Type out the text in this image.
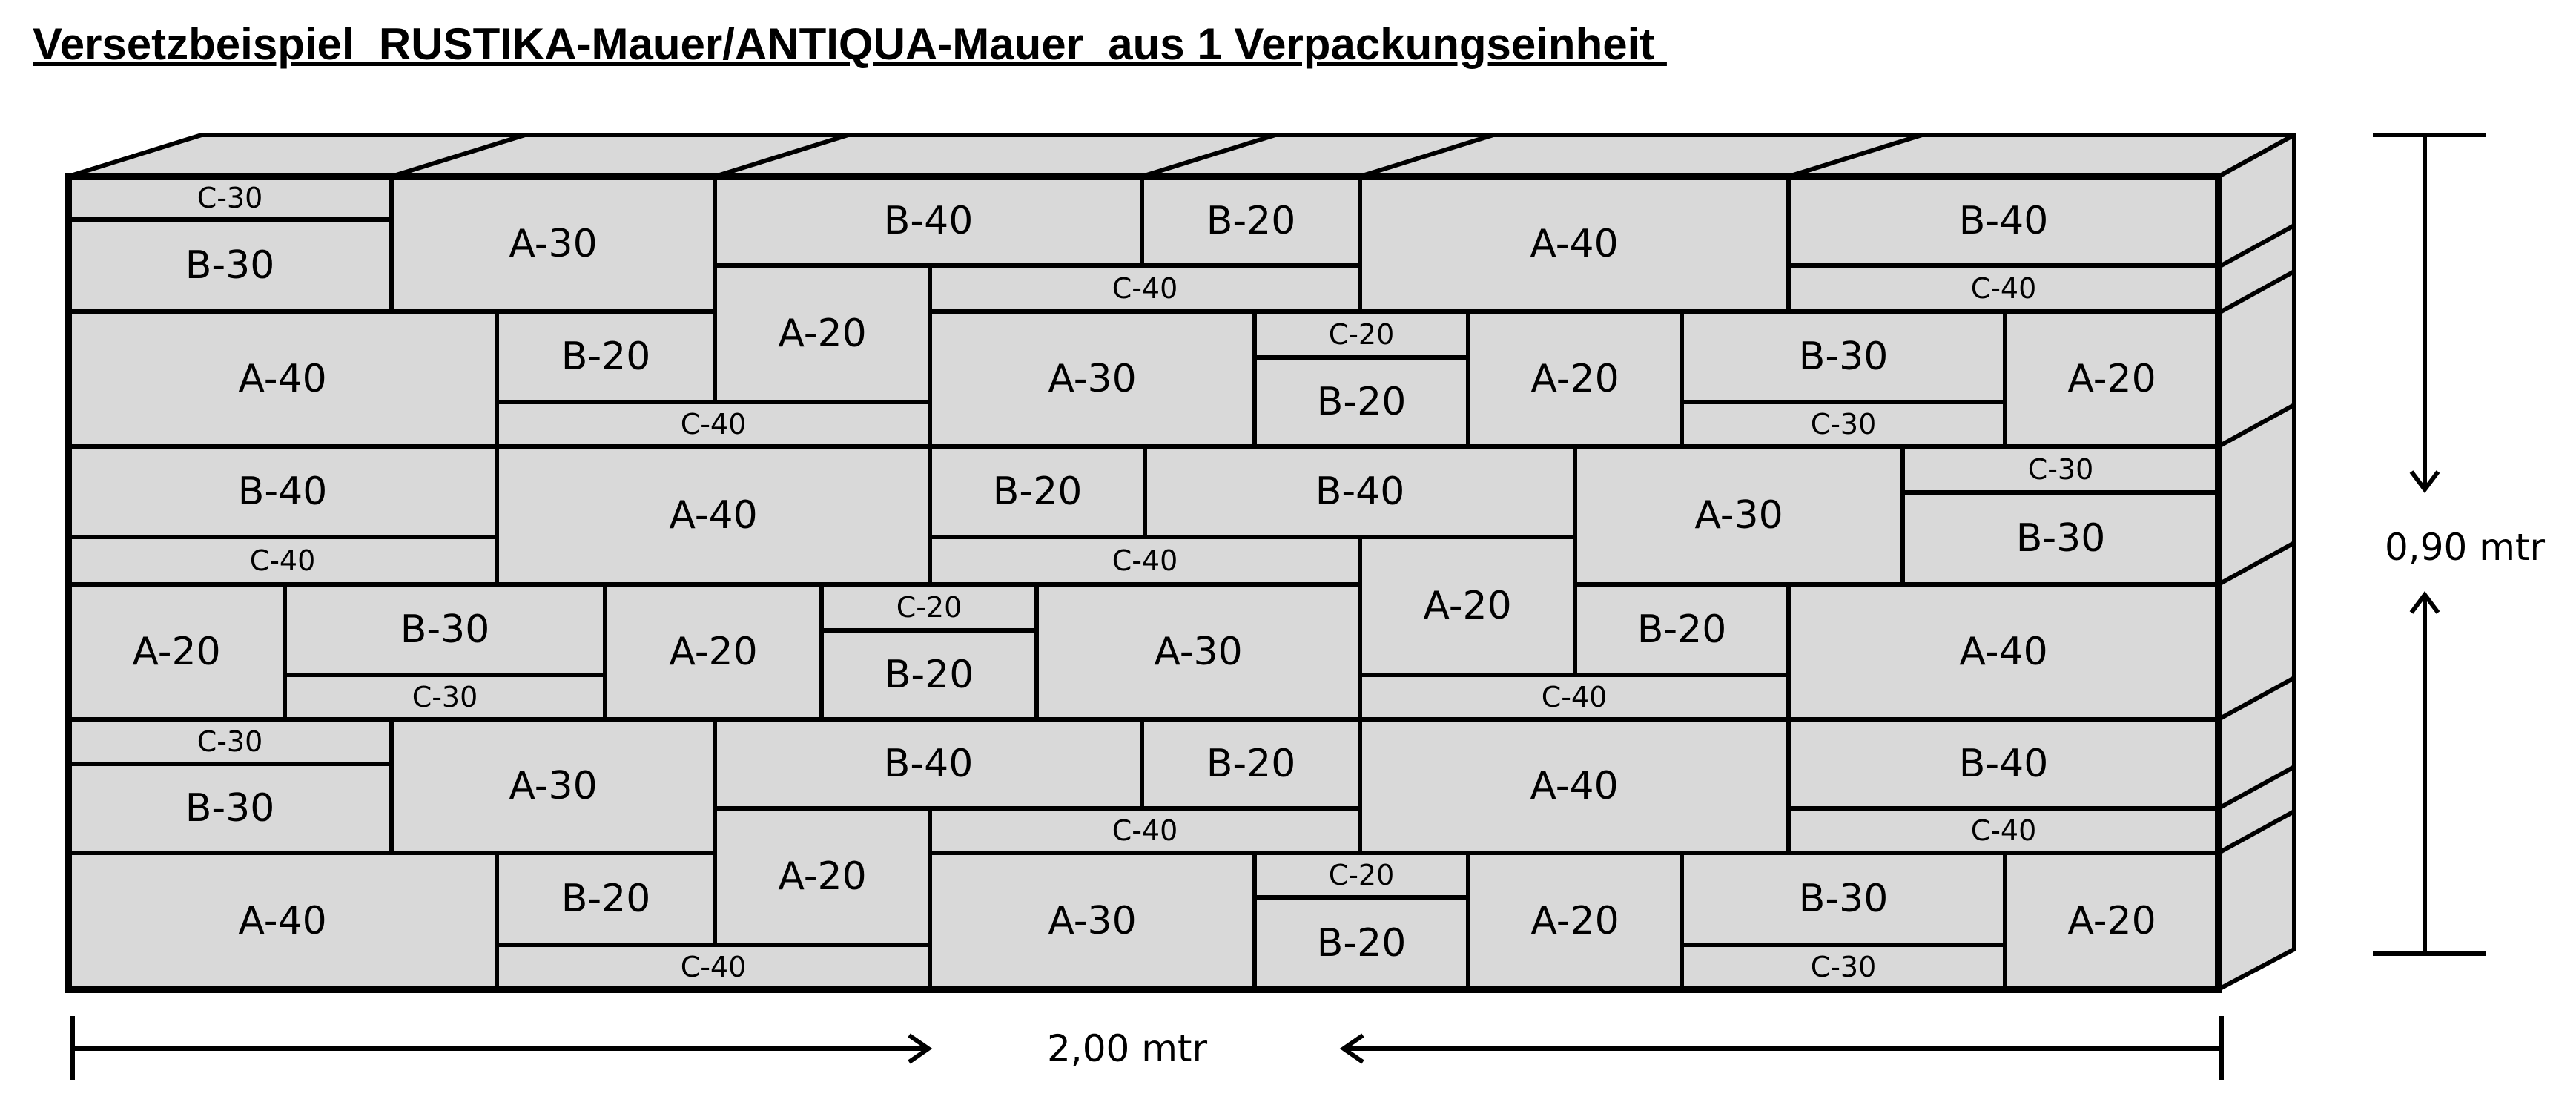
Versetzbeispiel  RUSTIKA-Mauer/ANTIQUA-Mauer  aus 1 Verpackungseinheit
C-30
B-30	A-30
B-40	B-20
C-40
A-40
B-40
C-40
A-40	B-20
C-40
A-20
A-30
C-20
B-20
A-20	B-30
C-30
A-20
B-40
C-40
A-40
B-20	B-40
C-40
A-30
C-30
B-30
A-20	B-30
C-30
A-20
C-20
B-20
A-30
A-20
B-20
C-40
A-40
C-30
B-30	A-30	B-40	B-20
C-40
A-40	B-40
C-40
A-40	B-20
C-40
A-20
A-30
C-20
B-20	A-20	B-30
C-30
A-20
0,90 mtr
2,00 mtr
